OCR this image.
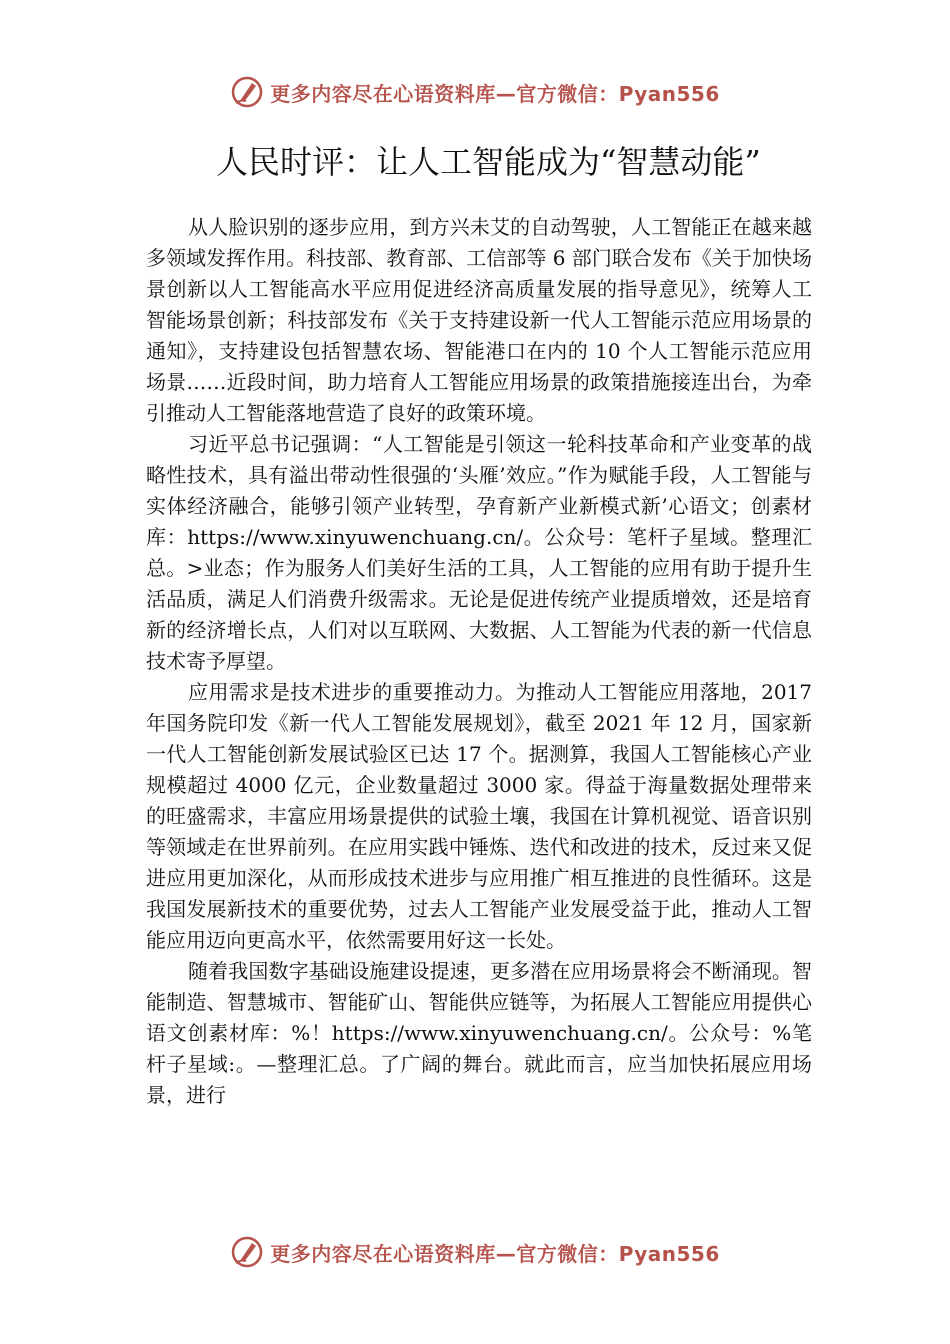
更多内容尽在心语资料库—官方微信：Pyan556
人民时评：让人工智能成为“智慧动能”

从人脸识别的逐步应用，到方兴未艾的自动驾驶，人工智能正在越来越多领域发挥作用。科技部、教育部、工信部等 6 部门联合发布《关于加快场景创新以人工智能高水平应用促进经济高质量发展的指导意见》，统筹人工智能场景创新；科技部发布《关于支持建设新一代人工智能示范应用场景的通知》，支持建设包括智慧农场、智能港口在内的 10 个人工智能示范应用场景……近段时间，助力培育人工智能应用场景的政策措施接连出台，为牵引推动人工智能落地营造了良好的政策环境。

习近平总书记强调：“人工智能是引领这一轮科技革命和产业变革的战略性技术，具有溢出带动性很强的‘头雁’效应。”作为赋能手段，人工智能与实体经济融合，能够引领产业转型，孕育新产业新模式新’心语文；创素材库：https://www.xinyuwenchuang.cn/。公众号：笔杆子星域。整理汇总。>业态；作为服务人们美好生活的工具，人工智能的应用有助于提升生活品质，满足人们消费升级需求。无论是促进传统产业提质增效，还是培育新的经济增长点，人们对以互联网、大数据、人工智能为代表的新一代信息技术寄予厚望。

应用需求是技术进步的重要推动力。为推动人工智能应用落地，2017 年国务院印发《新一代人工智能发展规划》，截至 2021 年 12 月，国家新一代人工智能创新发展试验区已达 17 个。据测算，我国人工智能核心产业规模超过 4000 亿元，企业数量超过 3000 家。得益于海量数据处理带来的旺盛需求，丰富应用场景提供的试验土壤，我国在计算机视觉、语音识别等领域走在世界前列。在应用实践中锤炼、迭代和改进的技术，反过来又促进应用更加深化，从而形成技术进步与应用推广相互推进的良性循环。这是我国发展新技术的重要优势，过去人工智能产业发展受益于此，推动人工智能应用迈向更高水平，依然需要用好这一长处。

随着我国数字基础设施建设提速，更多潜在应用场景将会不断涌现。智能制造、智慧城市、智能矿山、智能供应链等，为拓展人工智能应用提供心语文创素材库：%！https://www.xinyuwenchuang.cn/。公众号：%笔杆子星域:。—整理汇总。了广阔的舞台。就此而言，应当加快拓展应用场景，进行

更多内容尽在心语资料库—官方微信：Pyan556
